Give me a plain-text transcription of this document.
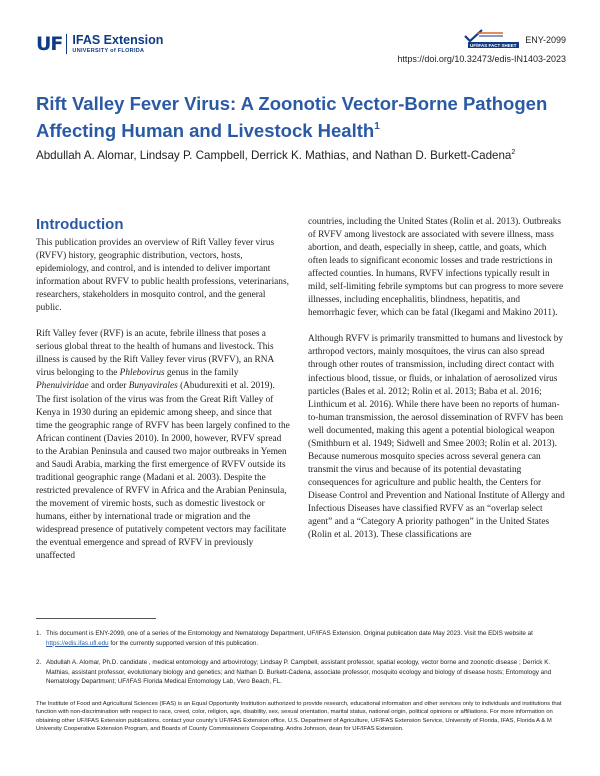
UF IFAS Extension
UNIVERSITY of FLORIDA
UF/IFAS FACT SHEET ENY-2099
https://doi.org/10.32473/edis-IN1403-2023
Rift Valley Fever Virus: A Zoonotic Vector-Borne Pathogen Affecting Human and Livestock Health$^1$
Abdullah A. Alomar, Lindsay P. Campbell, Derrick K. Mathias, and Nathan D. Burkett-Cadena$^2$
Introduction

This publication provides an overview of Rift Valley fever virus (RVFV) history, geographic distribution, vectors, hosts, epidemiology, and control, and is intended to deliver important information about RVFV to public health professions, veterinarians, researchers, stakeholders in mosquito control, and the general public.

Rift Valley fever (RVF) is an acute, febrile illness that poses a serious global threat to the health of humans and livestock. This illness is caused by the Rift Valley fever virus (RVFV), an RNA virus belonging to the Phlebovirus genus in the family Phenuiviridae and order Bunyavirales (Abudurexiti et al. 2019). The first isolation of the virus was from the Great Rift Valley of Kenya in 1930 during an epidemic among sheep, and since that time the geographic range of RVFV has been largely confined to the African continent (Davies 2010). In 2000, however, RVFV spread to the Arabian Peninsula and caused two major outbreaks in Yemen and Saudi Arabia, marking the first emergence of RVFV outside its traditional geographic range (Madani et al. 2003). Despite the restricted prevalence of RVFV in Africa and the Arabian Peninsula, the movement of viremic hosts, such as domestic livestock or humans, either by international trade or migration and the widespread presence of putatively competent vectors may facilitate the eventual emergence and spread of RVFV in previously unaffected

countries, including the United States (Rolin et al. 2013). Outbreaks of RVFV among livestock are associated with severe illness, mass abortion, and death, especially in sheep, cattle, and goats, which often leads to significant economic losses and trade restrictions in affected counties. In humans, RVFV infections typically result in mild, self-limiting febrile symptoms but can progress to more severe illnesses, including encephalitis, blindness, hepatitis, and hemorrhagic fever, which can be fatal (Ikegami and Makino 2011).

Although RVFV is primarily transmitted to humans and livestock by arthropod vectors, mainly mosquitoes, the virus can also spread through other routes of transmission, including direct contact with infectious blood, tissue, or fluids, or inhalation of aerosolized virus particles (Bales et al. 2012; Rolin et al. 2013; Baba et al. 2016; Linthicum et al. 2016). While there have been no reports of human-to-human transmission, the aerosol dissemination of RVFV has been well documented, making this agent a potential biological weapon (Smithburn et al. 1949; Sidwell and Smee 2003; Rolin et al. 2013). Because numerous mosquito species across several genera can transmit the virus and because of its potential devastating consequences for agriculture and public health, the Centers for Disease Control and Prevention and National Institute of Allergy and Infectious Diseases have classified RVFV as an “overlap select agent” and a “Category A priority pathogen” in the United States (Rolin et al. 2013). These classifications are

1. This document is ENY-2099, one of a series of the Entomology and Nematology Department, UF/IFAS Extension. Original publication date May 2023. Visit the EDIS website at https://edis.ifas.ufl.edu for the currently supported version of this publication.
2. Abdullah A. Alomar, Ph.D. candidate , medical entomology and arbovirology; Lindsay P. Campbell, assistant professor, spatial ecology, vector borne and zoonotic disease ; Derrick K. Mathias, assistant professor, evolutionary biology and genetics; and Nathan D. Burkett-Cadena, associate professor, mosquito ecology and biology of disease hosts; Entomology and Nematology Department; UF/IFAS Florida Medical Entomology Lab, Vero Beach, FL.
The Institute of Food and Agricultural Sciences (IFAS) is an Equal Opportunity Institution authorized to provide research, educational information and other services only to individuals and institutions that function with non-discrimination with respect to race, creed, color, religion, age, disability, sex, sexual orientation, marital status, national origin, political opinions or affiliations. For more information on obtaining other UF/IFAS Extension publications, contact your county’s UF/IFAS Extension office. U.S. Department of Agriculture, UF/IFAS Extension Service, University of Florida, IFAS, Florida A & M University Cooperative Extension Program, and Boards of County Commissioners Cooperating. Andra Johnson, dean for UF/IFAS Extension.
